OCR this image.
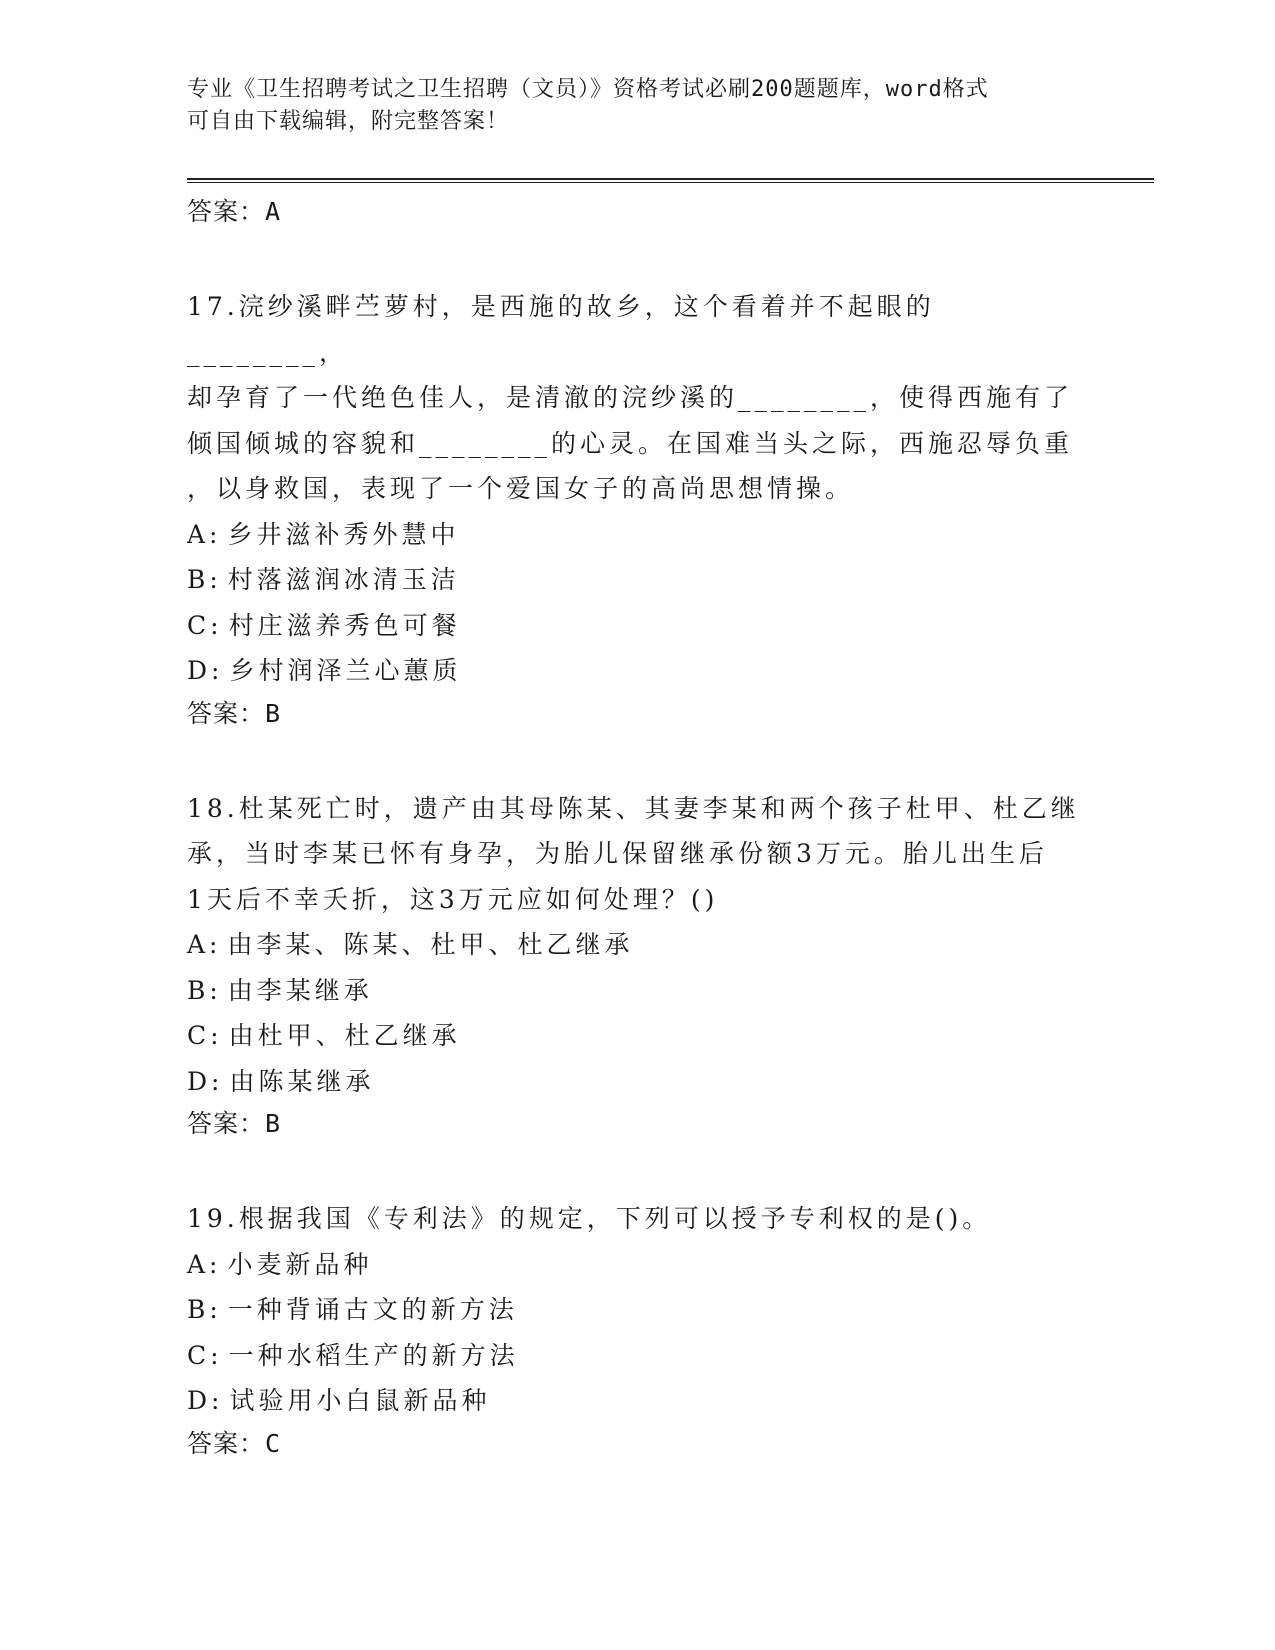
专业《卫生招聘考试之卫生招聘（文员）》资格考试必刷200题题库，word格式
可自由下载编辑，附完整答案！
答案：A
17.浣纱溪畔苎萝村，是西施的故乡，这个看着并不起眼的________，
却孕育了一代绝色佳人，是清澈的浣纱溪的________，使得西施有了
倾国倾城的容貌和________的心灵。在国难当头之际，西施忍辱负重
，以身救国，表现了一个爱国女子的高尚思想情操。
A: 乡井滋补秀外慧中
B: 村落滋润冰清玉洁
C: 村庄滋养秀色可餐
D: 乡村润泽兰心蕙质
答案：B
18.杜某死亡时，遗产由其母陈某、其妻李某和两个孩子杜甲、杜乙继
承，当时李某已怀有身孕，为胎儿保留继承份额3万元。胎儿出生后
1天后不幸夭折，这3万元应如何处理？()
A: 由李某、陈某、杜甲、杜乙继承
B: 由李某继承
C: 由杜甲、杜乙继承
D: 由陈某继承
答案：B
19.根据我国《专利法》的规定，下列可以授予专利权的是()。
A: 小麦新品种
B: 一种背诵古文的新方法
C: 一种水稻生产的新方法
D: 试验用小白鼠新品种
答案：C
